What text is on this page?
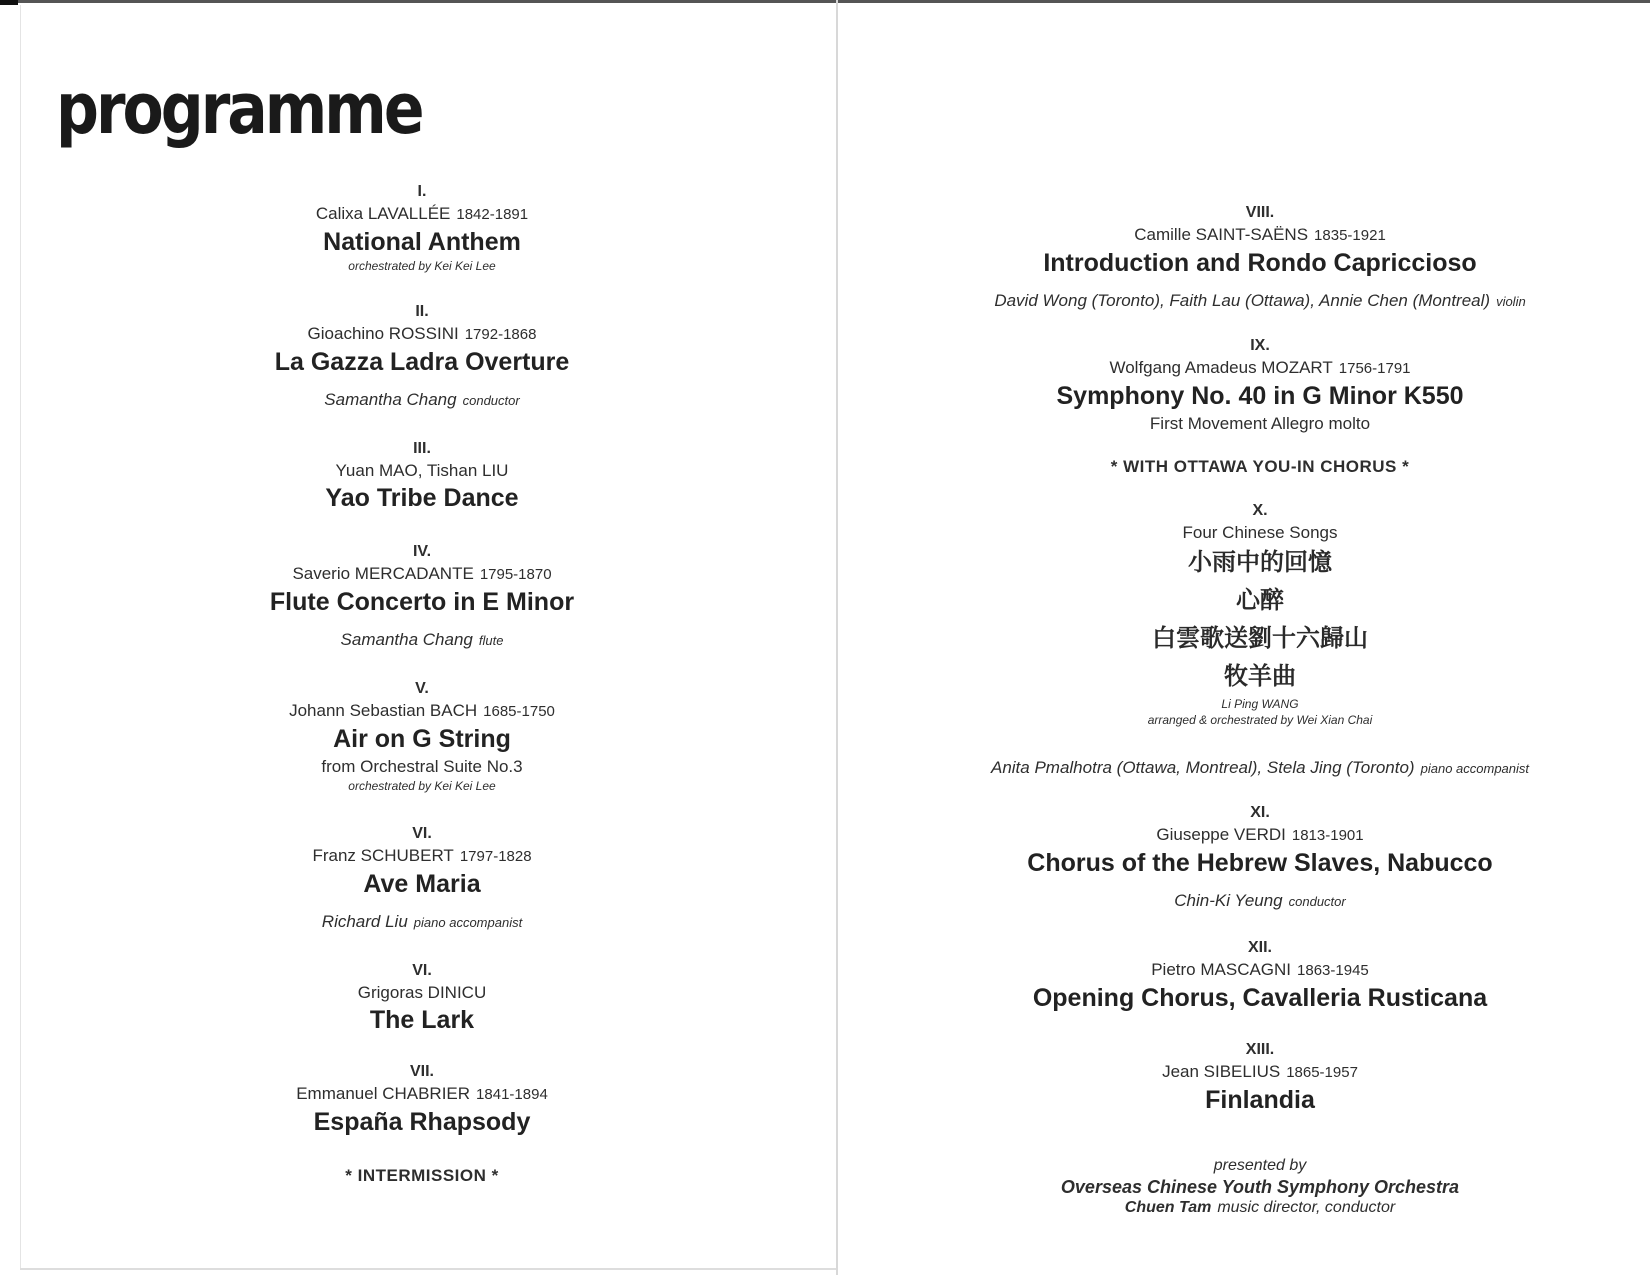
programme
I.
Calixa LAVALLÉE 1842-1891
National Anthem
orchestrated by Kei Kei Lee
II.
Gioachino ROSSINI 1792-1868
La Gazza Ladra Overture
Samantha Chang conductor
III.
Yuan MAO, Tishan LIU
Yao Tribe Dance
IV.
Saverio MERCADANTE 1795-1870
Flute Concerto in E Minor
Samantha Chang flute
V.
Johann Sebastian BACH 1685-1750
Air on G String
from Orchestral Suite No.3
orchestrated by Kei Kei Lee
VI.
Franz SCHUBERT 1797-1828
Ave Maria
Richard Liu piano accompanist
VI.
Grigoras DINICU
The Lark
VII.
Emmanuel CHABRIER 1841-1894
España Rhapsody
* INTERMISSION *
VIII.
Camille SAINT-SAËNS 1835-1921
Introduction and Rondo Capriccioso
David Wong (Toronto), Faith Lau (Ottawa), Annie Chen (Montreal) violin
IX.
Wolfgang Amadeus MOZART 1756-1791
Symphony No. 40 in G Minor K550
First Movement Allegro molto
* WITH OTTAWA YOU-IN CHORUS *
X.
Four Chinese Songs
小雨中的回憶
心醉
白雲歌送劉十六歸山
牧羊曲
Li Ping WANG
arranged & orchestrated by Wei Xian Chai
Anita Pmalhotra (Ottawa, Montreal), Stela Jing (Toronto) piano accompanist
XI.
Giuseppe VERDI 1813-1901
Chorus of the Hebrew Slaves, Nabucco
Chin-Ki Yeung conductor
XII.
Pietro MASCAGNI 1863-1945
Opening Chorus, Cavalleria Rusticana
XIII.
Jean SIBELIUS 1865-1957
Finlandia
presented by
Overseas Chinese Youth Symphony Orchestra
Chuen Tam music director, conductor
